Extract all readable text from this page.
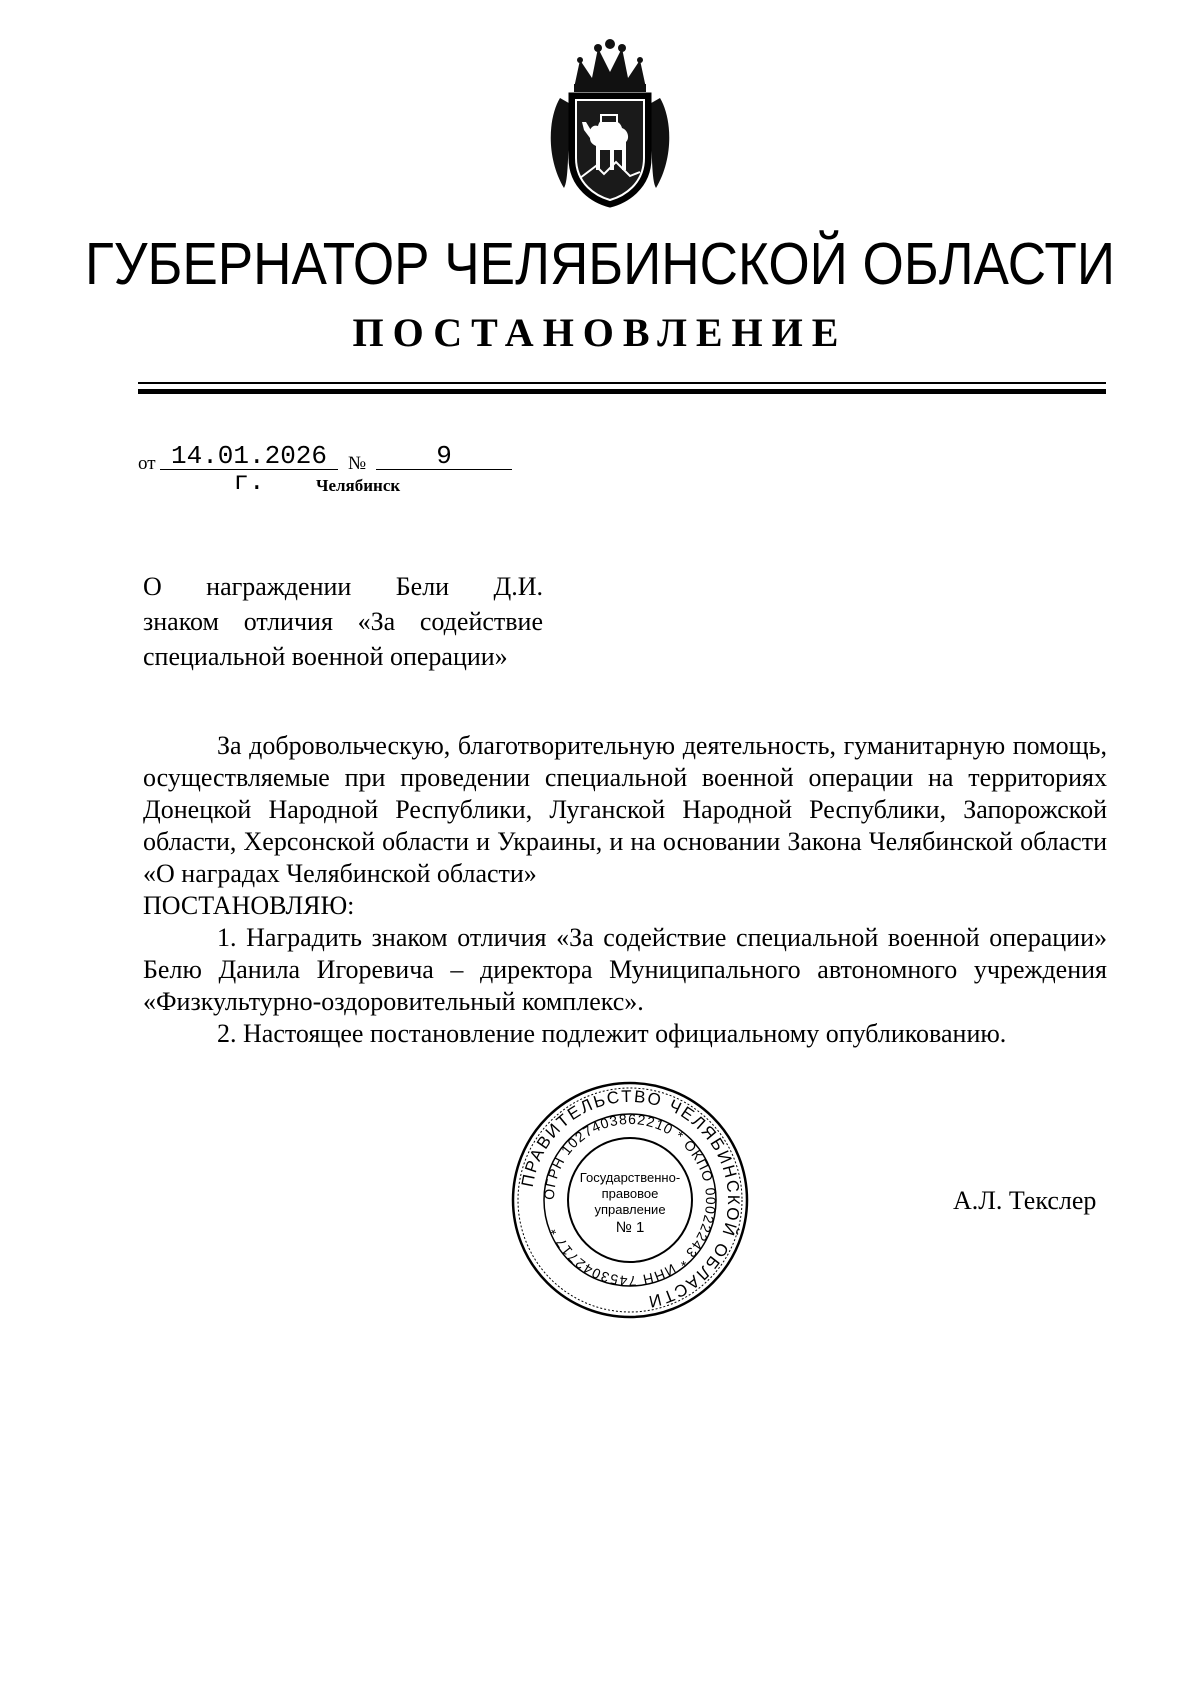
ГУБЕРНАТОР ЧЕЛЯБИНСКОЙ ОБЛАСТИ
ПОСТАНОВЛЕНИЕ
от 14.01.2026 г.
№	9
Челябинск
О награждении Бели Д.И.
знаком отличия «За содействие
специальной военной операции»

За добровольческую, благотворительную деятельность, гуманитарную помощь, осуществляемые при проведении специальной военной операции на территориях Донецкой Народной Республики, Луганской Народной Республики, Запорожской области, Херсонской области и Украины, и на основании Закона Челябинской области «О наградах Челябинской области»

ПОСТАНОВЛЯЮ:

1. Наградить знаком отличия «За содействие специальной военной операции» Белю Данила Игоревича – директора Муниципального автономного учреждения «Физкультурно-оздоровительный комплекс».

2. Настоящее постановление подлежит официальному опубликованию.

ПРАВИТЕЛЬСТВО ЧЕЛЯБИНСКОЙ ОБЛАСТИ
ОГРН 1027403862210 * ОКПО 00022243 * ИНН 7453042717 *
Государственно-
правовое
управление
№ 1
А.Л. Текслер
